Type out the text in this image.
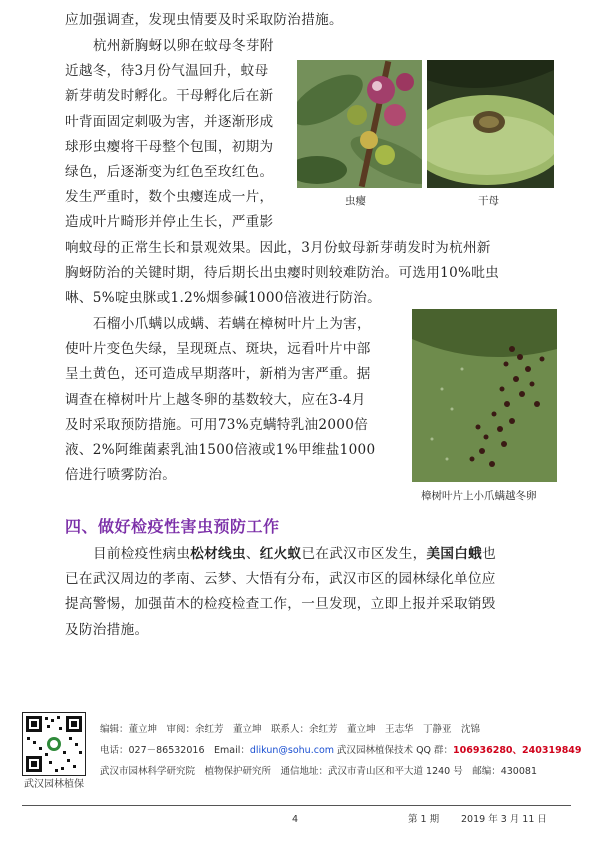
应加强调查，发现虫情要及时采取防治措施。
杭州新胸蚜以卵在蚊母冬芽附
近越冬，待3月份气温回升，蚊母
新芽萌发时孵化。干母孵化后在新
叶背面固定刺吸为害，并逐渐形成
球形虫瘿将干母整个包围，初期为
绿色，后逐渐变为红色至玫红色。
发生严重时，数个虫瘿连成一片，
造成叶片畸形并停止生长，严重影
响蚊母的正常生长和景观效果。因此，3月份蚊母新芽萌发时为杭州新
胸蚜防治的关键时期，待后期长出虫瘿时则较难防治。可选用10%吡虫
啉、5%啶虫脒或1.2%烟参碱1000倍液进行防治。
虫瘿	干母
石榴小爪螨以成螨、若螨在樟树叶片上为害，
使叶片变色失绿，呈现斑点、斑块，远看叶片中部
呈土黄色，还可造成早期落叶，新梢为害严重。据
调查在樟树叶片上越冬卵的基数较大，应在3-4月
及时采取预防措施。可用73%克螨特乳油2000倍
液、2%阿维菌素乳油1500倍液或1%甲维盐1000
倍进行喷雾防治。
樟树叶片上小爪螨越冬卵
四、做好检疫性害虫预防工作
目前检疫性病虫松材线虫、红火蚁已在武汉市区发生，美国白蛾也
已在武汉周边的孝南、云梦、大悟有分布，武汉市区的园林绿化单位应
提高警惕，加强苗木的检疫检查工作，一旦发现，立即上报并采取销毁
及防治措施。
武汉园林植保
编辑：董立坤　审阅：余红芳　董立坤　联系人：余红芳　董立坤　王志华　丁静亚　沈锦
电话：027－86532016　Email：dlikun@sohu.com 武汉园林植保技术 QQ 群：106936280、240319849
武汉市园林科学研究院　植物保护研究所　通信地址：武汉市青山区和平大道 1240 号　邮编：430081
4	第 1 期 2019 年 3 月 11 日
